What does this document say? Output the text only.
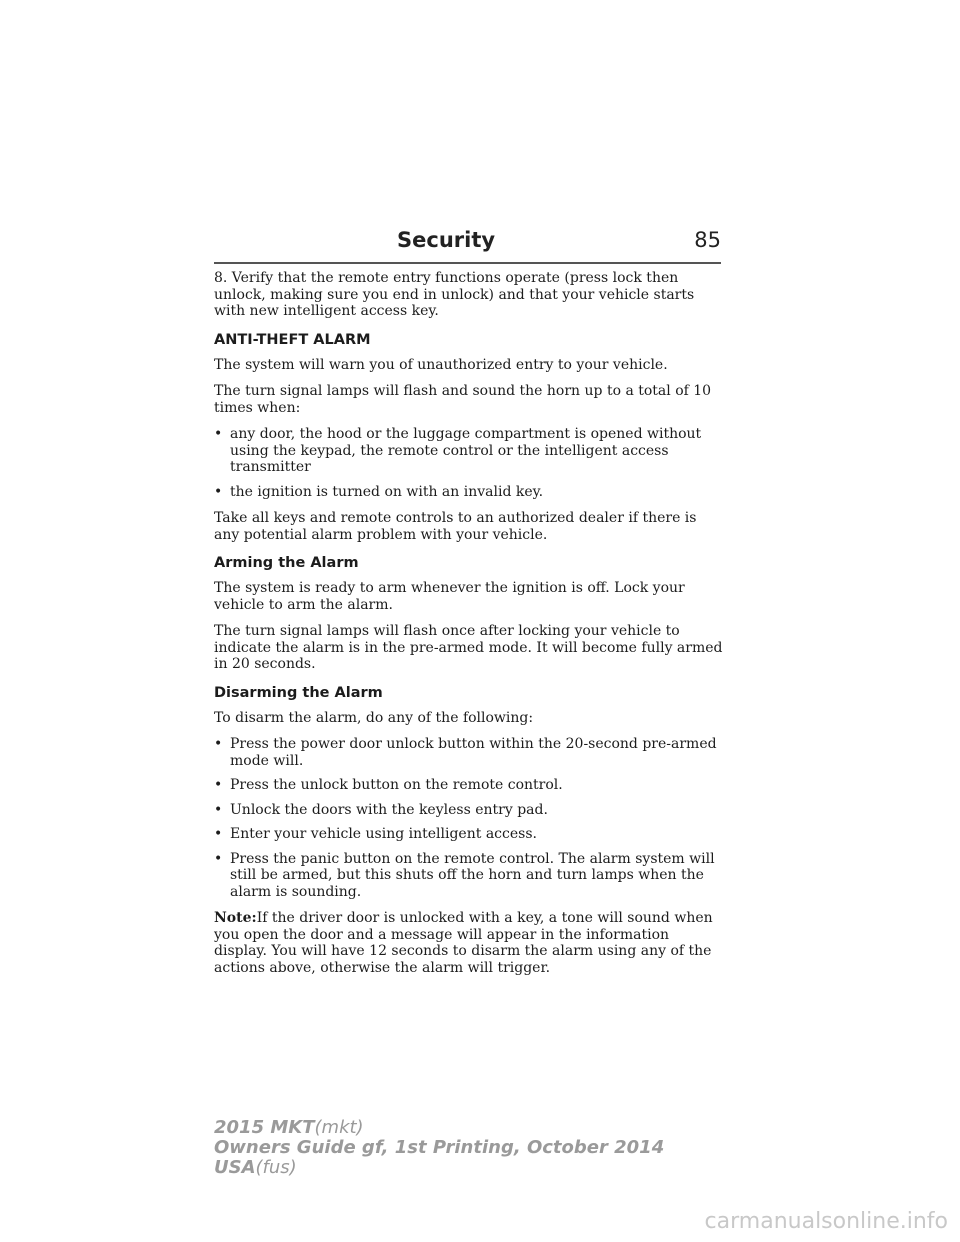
Security	85

8. Verify that the remote entry functions operate (press lock then unlock, making sure you end in unlock) and that your vehicle starts with new intelligent access key.

ANTI-THEFT ALARM

The system will warn you of unauthorized entry to your vehicle.

The turn signal lamps will flash and sound the horn up to a total of 10 times when:

• any door, the hood or the luggage compartment is opened without using the keypad, the remote control or the intelligent access transmitter
• the ignition is turned on with an invalid key.

Take all keys and remote controls to an authorized dealer if there is any potential alarm problem with your vehicle.

Arming the Alarm

The system is ready to arm whenever the ignition is off. Lock your vehicle to arm the alarm.

The turn signal lamps will flash once after locking your vehicle to indicate the alarm is in the pre-armed mode. It will become fully armed in 20 seconds.

Disarming the Alarm

To disarm the alarm, do any of the following:

• Press the power door unlock button within the 20-second pre-armed mode will.
• Press the unlock button on the remote control.
• Unlock the doors with the keyless entry pad.
• Enter your vehicle using intelligent access.
• Press the panic button on the remote control. The alarm system will still be armed, but this shuts off the horn and turn lamps when the alarm is sounding.

Note:If the driver door is unlocked with a key, a tone will sound when you open the door and a message will appear in the information display. You will have 12 seconds to disarm the alarm using any of the actions above, otherwise the alarm will trigger.

2015 MKT(mkt)
Owners Guide gf, 1st Printing, October 2014
USA(fus)
carmanualsonline.info
